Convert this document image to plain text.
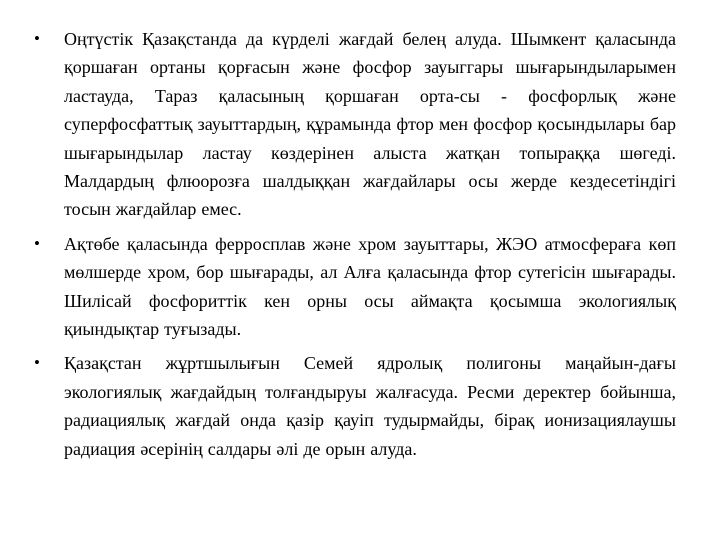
• Оңтүстік Қазақстанда да күрделі жағдай белең алуда. Шымкент қаласында қоршаған ортаны қорғасын және фосфор зауыггары шығарындыларымен ластауда, Тараз қаласының қоршаған орта-сы - фосфорлық және суперфосфаттық зауыттардың, құрамында фтор мен фосфор қосындылары бар шығарындылар ластау көздерінен алыста жатқан топыраққа шөгеді. Малдардың флюорозға шалдыққан жағдайлары осы жерде кездесетіндігі тосын жағдайлар емес.
• Ақтөбе қаласында ферросплав және хром зауыттары, ЖЭО атмосфераға көп мөлшерде хром, бор шығарады, ал Алға қаласында фтор сутегісін шығарады. Шилісай фосфориттік кен орны осы аймақта қосымша экологиялық қиындықтар туғызады.
• Қазақстан жұртшылығын Семей ядролық полигоны маңайын-дағы экологиялық жағдайдың толғандыруы жалғасуда. Ресми деректер бойынша, радиациялық жағдай онда қазір қауіп тудырмайды, бірақ ионизациялаушы радиация әсерінің салдары әлі де орын алуда.
